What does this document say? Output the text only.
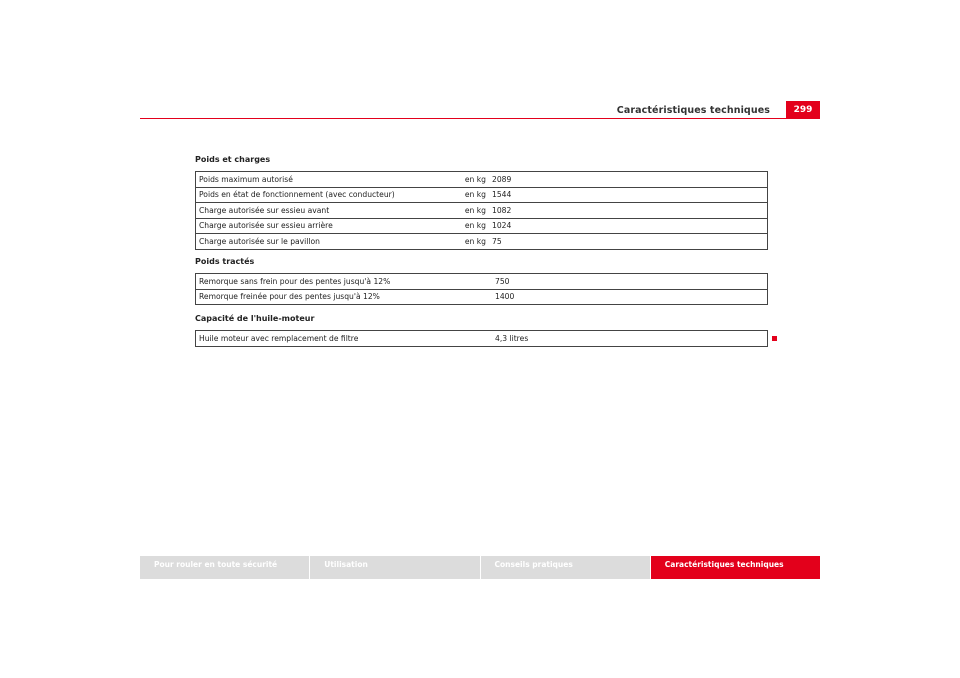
Caractéristiques techniques	299
Poids et charges
Poids maximum autorisé	en kg	2089
Poids en état de fonctionnement (avec conducteur)	en kg	1544
Charge autorisée sur essieu avant	en kg	1082
Charge autorisée sur essieu arrière	en kg	1024
Charge autorisée sur le pavillon	en kg	75
Poids tractés
Remorque sans frein pour des pentes jusqu'à 12%	750
Remorque freinée pour des pentes jusqu'à 12%	1400
Capacité de l'huile-moteur
Huile moteur avec remplacement de filtre	4,3 litres
Pour rouler en toute sécurité	Utilisation	Conseils pratiques	Caractéristiques techniques
